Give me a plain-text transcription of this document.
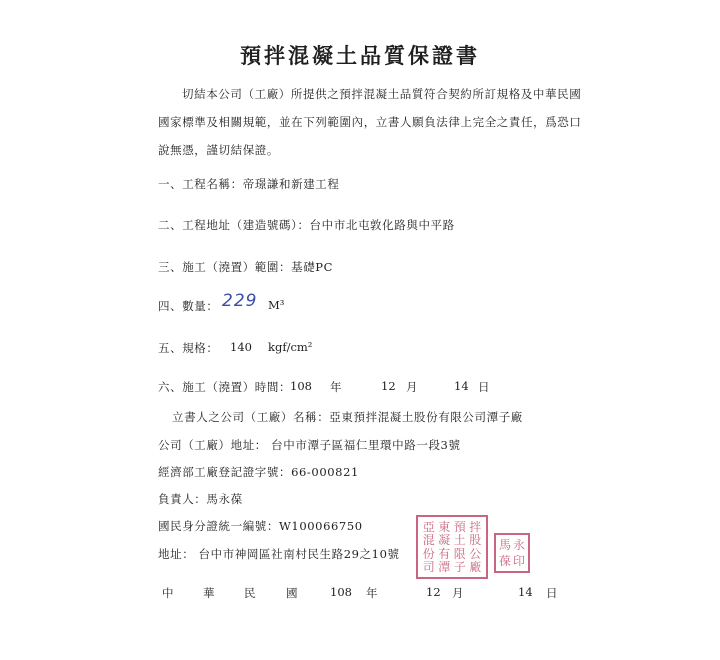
預拌混凝土品質保證書
切結本公司（工廠）所提供之預拌混凝土品質符合契約所訂規格及中華民國國家標準及相關規範，並在下列範圍內，立書人願負法律上完全之責任，爲恐口說無憑，謹切結保證。
一、工程名稱：帝璟謙和新建工程
二、工程地址（建造號碼）：台中市北屯敦化路與中平路
三、施工（澆置）範圍：基礎PC
四、數量： 229 M³
五、規格： 140 kgf/cm²
六、施工（澆置）時間：
108 年	12 月	14 日
立書人之公司（工廠）名稱：亞東預拌混凝土股份有限公司潭子廠
公司（工廠）地址： 台中市潭子區福仁里環中路一段3號
經濟部工廠登記證字號：66-000821
負責人：馬永葆
國民身分證統一編號：W100066750
地址： 台中市神岡區社南村民生路29之10號
亞 東 預 拌
混 凝 土 股
份 有 限 公
司 潭 子 廠
馬 永
葆 印
中	華	民	國	108 年	12 月	14 日
